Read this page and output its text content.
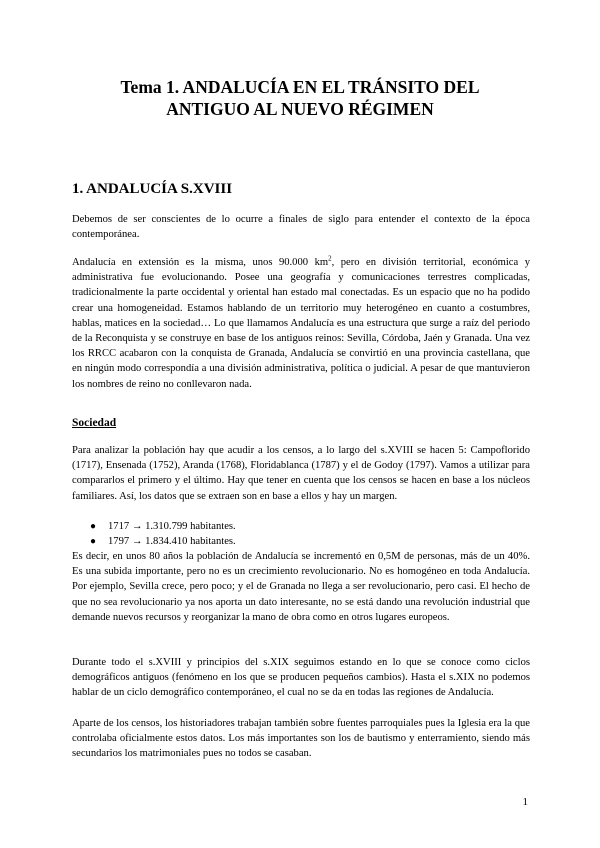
Tema 1. ANDALUCÍA EN EL TRÁNSITO DEL
ANTIGUO AL NUEVO RÉGIMEN
1. ANDALUCÍA S.XVIII

Debemos de ser conscientes de lo ocurre a finales de siglo para entender el contexto de la época contemporánea.

Andalucía en extensión es la misma, unos 90.000 $km^2$, pero en división territorial, económica y administrativa fue evolucionando. Posee una geografía y comunicaciones terrestres complicadas, tradicionalmente la parte occidental y oriental han estado mal conectadas. Es un espacio que no ha podido crear una homogeneidad. Estamos hablando de un territorio muy heterogéneo en cuanto a costumbres, hablas, matices en la sociedad… Lo que llamamos Andalucía es una estructura que surge a raíz del periodo de la Reconquista y se construye en base de los antiguos reinos: Sevilla, Córdoba, Jaén y Granada. Una vez los RRCC acabaron con la conquista de Granada, Andalucía se convirtió en una provincia castellana, que en ningún modo correspondía a una división administrativa, política o judicial. A pesar de que mantuvieron los nombres de reino no conllevaron nada.

Sociedad

Para analizar la población hay que acudir a los censos, a lo largo del s.XVIII se hacen 5: Campoflorido (1717), Ensenada (1752), Aranda (1768), Floridablanca (1787) y el de Godoy (1797). Vamos a utilizar para compararlos el primero y el último. Hay que tener en cuenta que los censos se hacen en base a los núcleos familiares. Así, los datos que se extraen son en base a ellos y hay un margen.

● 1717 → 1.310.799 habitantes.
● 1797 → 1.834.410 habitantes.

Es decir, en unos 80 años la población de Andalucía se incrementó en 0,5M de personas, más de un 40%. Es una subida importante, pero no es un crecimiento revolucionario. No es homogéneo en toda Andalucía. Por ejemplo, Sevilla crece, pero poco; y el de Granada no llega a ser revolucionario, pero casi. El hecho de que no sea revolucionario ya nos aporta un dato interesante, no se está dando una revolución industrial que demande nuevos recursos y reorganizar la mano de obra como en otros lugares europeos.

Durante todo el s.XVIII y principios del s.XIX seguimos estando en lo que se conoce como ciclos demográficos antiguos (fenómeno en los que se producen pequeños cambios). Hasta el s.XIX no podemos hablar de un ciclo demográfico contemporáneo, el cual no se da en todas las regiones de Andalucía.

Aparte de los censos, los historiadores trabajan también sobre fuentes parroquiales pues la Iglesia era la que controlaba oficialmente estos datos. Los más importantes son los de bautismo y enterramiento, siendo más secundarios los matrimoniales pues no todos se casaban.

1
